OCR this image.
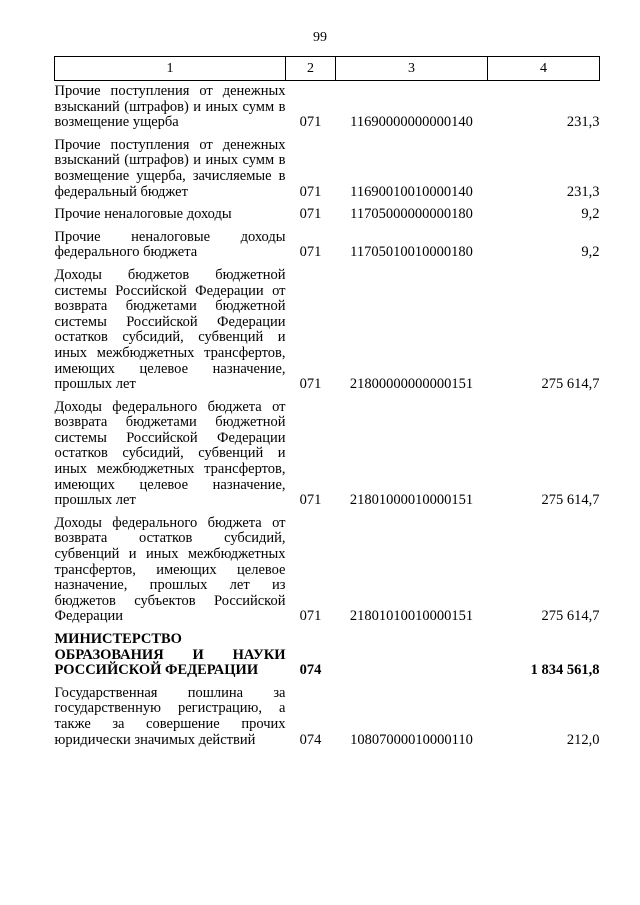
99
1	2	3	4
Прочие поступления от денежных взысканий (штрафов) и иных сумм в возмещение ущерба	071	11690000000000140	231,3
Прочие поступления от денежных взысканий (штрафов) и иных сумм в возмещение ущерба, зачисляемые в федеральный бюджет	071	11690010010000140	231,3
Прочие неналоговые доходы	071	11705000000000180	9,2
Прочие неналоговые доходы федерального бюджета	071	11705010010000180	9,2
Доходы бюджетов бюджетной системы Российской Федерации от возврата бюджетами бюджетной системы Российской Федерации остатков субсидий, субвенций и иных межбюджетных трансфертов, имеющих целевое назначение, прошлых лет	071	21800000000000151	275 614,7
Доходы федерального бюджета от возврата бюджетами бюджетной системы Российской Федерации остатков субсидий, субвенций и иных межбюджетных трансфертов, имеющих целевое назначение, прошлых лет	071	21801000010000151	275 614,7
Доходы федерального бюджета от возврата остатков субсидий, субвенций и иных межбюджетных трансфертов, имеющих целевое назначение, прошлых лет из бюджетов субъектов Российской Федерации	071	21801010010000151	275 614,7
МИНИСТЕРСТВО ОБРАЗОВАНИЯ И НАУКИ РОССИЙСКОЙ ФЕДЕРАЦИИ	074		1 834 561,8
Государственная пошлина за государственную регистрацию, а также за совершение прочих юридически значимых действий	074	10807000010000110	212,0
